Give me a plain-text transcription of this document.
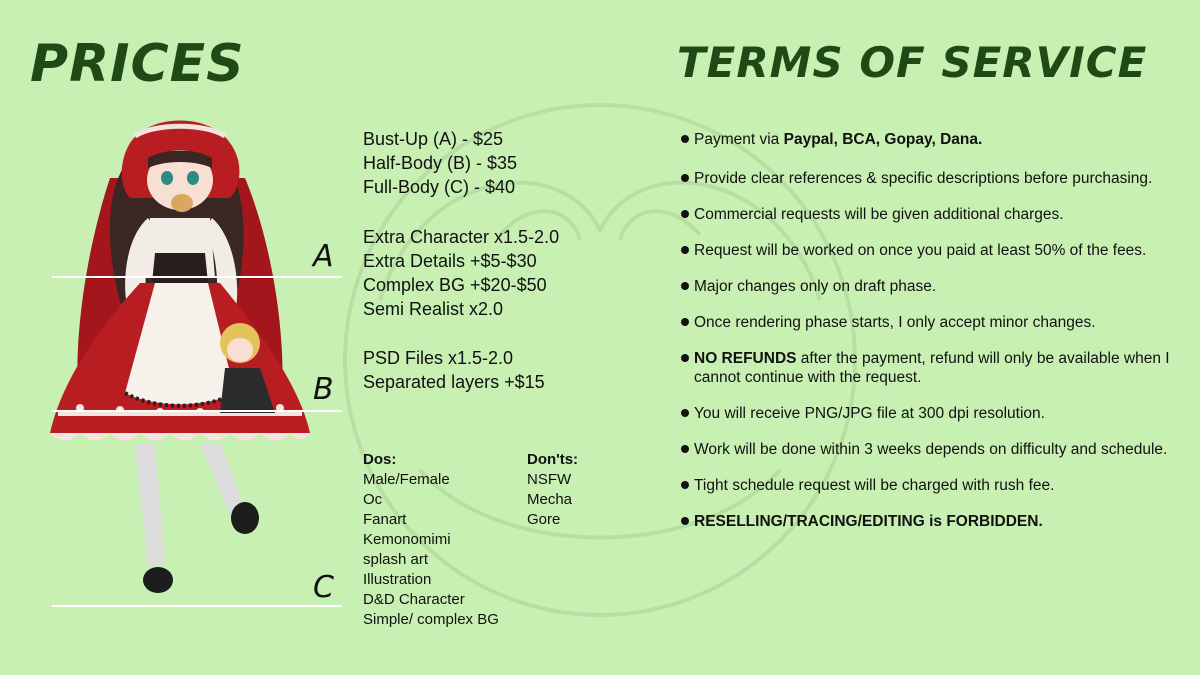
PRICES	TERMS OF SERVICE
A
B
C
Bust-Up (A) - $25
Half-Body (B) - $35
Full-Body (C) - $40
Extra Character x1.5-2.0
Extra Details +$5-$30
Complex BG +$20-$50
Semi Realist x2.0
PSD Files x1.5-2.0
Separated layers +$15
Dos:
Male/Female
Oc
Fanart
Kemonomimi
splash art
Illustration
D&D Character
Simple/ complex BG
Don'ts:
NSFW
Mecha
Gore
Payment via Paypal, BCA, Gopay, Dana.
Provide clear references & specific descriptions before purchasing.
Commercial requests will be given additional charges.
Request will be worked on once you paid at least 50% of the fees.
Major changes only on draft phase.
Once rendering phase starts, I only accept minor changes.
NO REFUNDS after the payment, refund will only be available when I cannot continue with the request.
You will receive PNG/JPG file at 300 dpi resolution.
Work will be done within 3 weeks depends on difficulty and schedule.
Tight schedule request will be charged with rush fee.
RESELLING/TRACING/EDITING is FORBIDDEN.
